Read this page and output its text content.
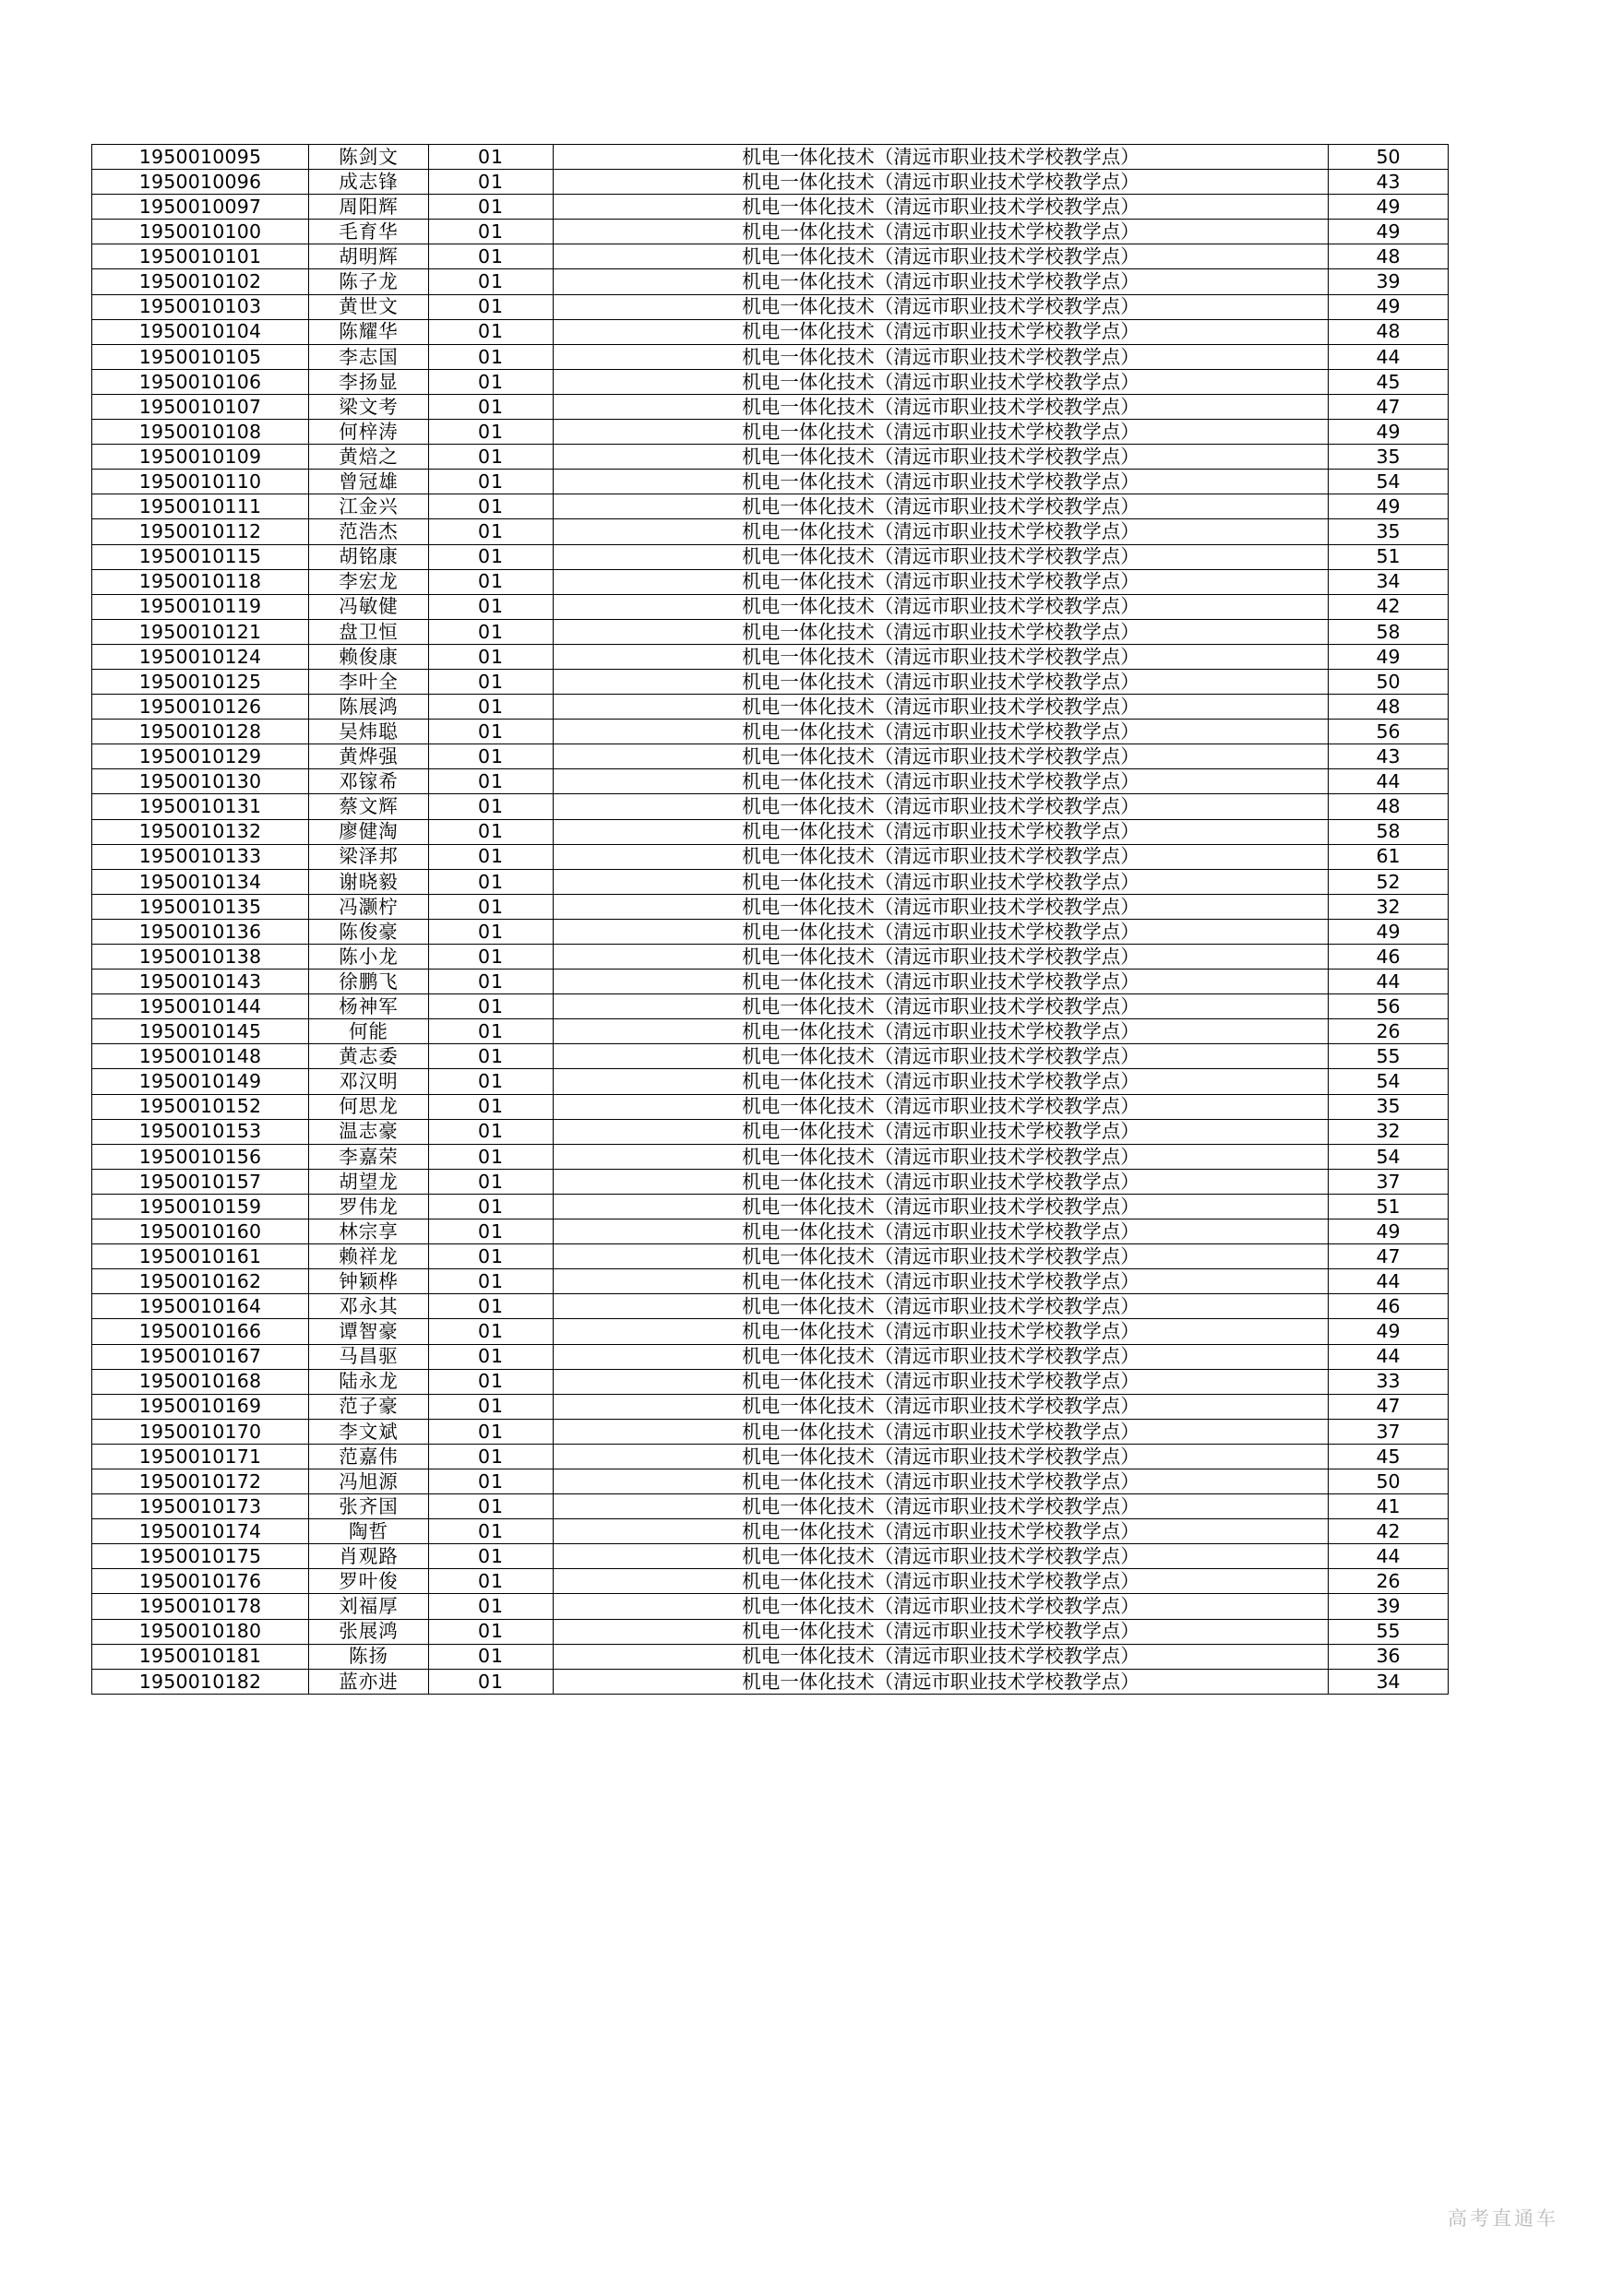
1950010095	陈剑文	01	机电一体化技术（清远市职业技术学校教学点）	50
1950010096	成志锋	01	机电一体化技术（清远市职业技术学校教学点）	43
1950010097	周阳辉	01	机电一体化技术（清远市职业技术学校教学点）	49
1950010100	毛育华	01	机电一体化技术（清远市职业技术学校教学点）	49
1950010101	胡明辉	01	机电一体化技术（清远市职业技术学校教学点）	48
1950010102	陈子龙	01	机电一体化技术（清远市职业技术学校教学点）	39
1950010103	黄世文	01	机电一体化技术（清远市职业技术学校教学点）	49
1950010104	陈耀华	01	机电一体化技术（清远市职业技术学校教学点）	48
1950010105	李志国	01	机电一体化技术（清远市职业技术学校教学点）	44
1950010106	李扬显	01	机电一体化技术（清远市职业技术学校教学点）	45
1950010107	梁文考	01	机电一体化技术（清远市职业技术学校教学点）	47
1950010108	何梓涛	01	机电一体化技术（清远市职业技术学校教学点）	49
1950010109	黄焙之	01	机电一体化技术（清远市职业技术学校教学点）	35
1950010110	曾冠雄	01	机电一体化技术（清远市职业技术学校教学点）	54
1950010111	江金兴	01	机电一体化技术（清远市职业技术学校教学点）	49
1950010112	范浩杰	01	机电一体化技术（清远市职业技术学校教学点）	35
1950010115	胡铭康	01	机电一体化技术（清远市职业技术学校教学点）	51
1950010118	李宏龙	01	机电一体化技术（清远市职业技术学校教学点）	34
1950010119	冯敏健	01	机电一体化技术（清远市职业技术学校教学点）	42
1950010121	盘卫恒	01	机电一体化技术（清远市职业技术学校教学点）	58
1950010124	赖俊康	01	机电一体化技术（清远市职业技术学校教学点）	49
1950010125	李叶全	01	机电一体化技术（清远市职业技术学校教学点）	50
1950010126	陈展鸿	01	机电一体化技术（清远市职业技术学校教学点）	48
1950010128	吴炜聪	01	机电一体化技术（清远市职业技术学校教学点）	56
1950010129	黄烨强	01	机电一体化技术（清远市职业技术学校教学点）	43
1950010130	邓镓希	01	机电一体化技术（清远市职业技术学校教学点）	44
1950010131	蔡文辉	01	机电一体化技术（清远市职业技术学校教学点）	48
1950010132	廖健淘	01	机电一体化技术（清远市职业技术学校教学点）	58
1950010133	梁泽邦	01	机电一体化技术（清远市职业技术学校教学点）	61
1950010134	谢晓毅	01	机电一体化技术（清远市职业技术学校教学点）	52
1950010135	冯灏柠	01	机电一体化技术（清远市职业技术学校教学点）	32
1950010136	陈俊豪	01	机电一体化技术（清远市职业技术学校教学点）	49
1950010138	陈小龙	01	机电一体化技术（清远市职业技术学校教学点）	46
1950010143	徐鹏飞	01	机电一体化技术（清远市职业技术学校教学点）	44
1950010144	杨神军	01	机电一体化技术（清远市职业技术学校教学点）	56
1950010145	何能	01	机电一体化技术（清远市职业技术学校教学点）	26
1950010148	黄志委	01	机电一体化技术（清远市职业技术学校教学点）	55
1950010149	邓汉明	01	机电一体化技术（清远市职业技术学校教学点）	54
1950010152	何思龙	01	机电一体化技术（清远市职业技术学校教学点）	35
1950010153	温志豪	01	机电一体化技术（清远市职业技术学校教学点）	32
1950010156	李嘉荣	01	机电一体化技术（清远市职业技术学校教学点）	54
1950010157	胡望龙	01	机电一体化技术（清远市职业技术学校教学点）	37
1950010159	罗伟龙	01	机电一体化技术（清远市职业技术学校教学点）	51
1950010160	林宗享	01	机电一体化技术（清远市职业技术学校教学点）	49
1950010161	赖祥龙	01	机电一体化技术（清远市职业技术学校教学点）	47
1950010162	钟颖桦	01	机电一体化技术（清远市职业技术学校教学点）	44
1950010164	邓永其	01	机电一体化技术（清远市职业技术学校教学点）	46
1950010166	谭智豪	01	机电一体化技术（清远市职业技术学校教学点）	49
1950010167	马昌驱	01	机电一体化技术（清远市职业技术学校教学点）	44
1950010168	陆永龙	01	机电一体化技术（清远市职业技术学校教学点）	33
1950010169	范子豪	01	机电一体化技术（清远市职业技术学校教学点）	47
1950010170	李文斌	01	机电一体化技术（清远市职业技术学校教学点）	37
1950010171	范嘉伟	01	机电一体化技术（清远市职业技术学校教学点）	45
1950010172	冯旭源	01	机电一体化技术（清远市职业技术学校教学点）	50
1950010173	张齐国	01	机电一体化技术（清远市职业技术学校教学点）	41
1950010174	陶哲	01	机电一体化技术（清远市职业技术学校教学点）	42
1950010175	肖观路	01	机电一体化技术（清远市职业技术学校教学点）	44
1950010176	罗叶俊	01	机电一体化技术（清远市职业技术学校教学点）	26
1950010178	刘福厚	01	机电一体化技术（清远市职业技术学校教学点）	39
1950010180	张展鸿	01	机电一体化技术（清远市职业技术学校教学点）	55
1950010181	陈扬	01	机电一体化技术（清远市职业技术学校教学点）	36
1950010182	蓝亦进	01	机电一体化技术（清远市职业技术学校教学点）	34
高考直通车
